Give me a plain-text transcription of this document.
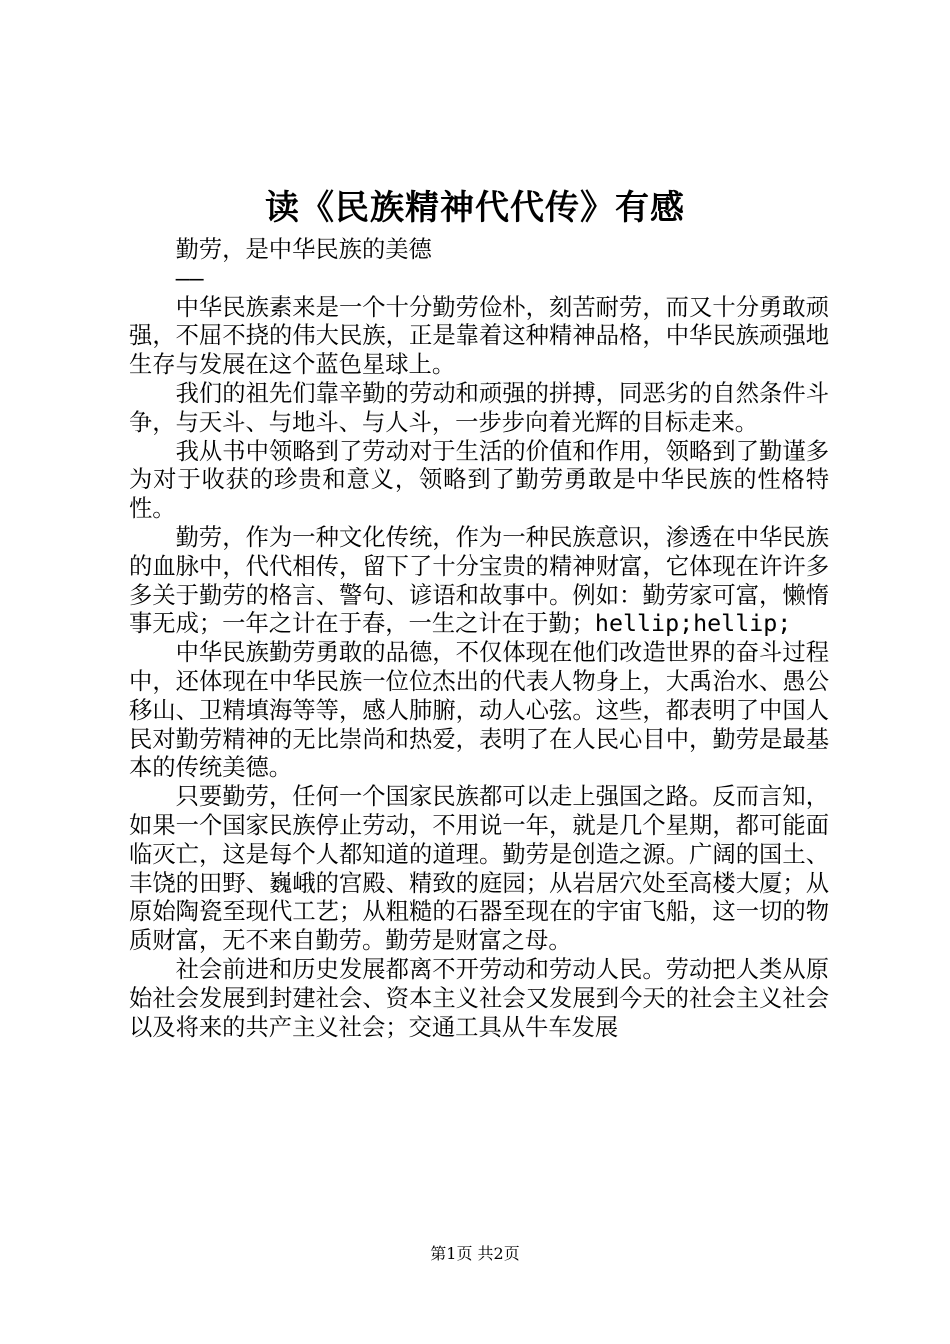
读《民族精神代代传》有感

勤劳，是中华民族的美德

——

中华民族素来是一个十分勤劳俭朴，刻苦耐劳，而又十分勇敢顽强，不屈不挠的伟大民族，正是靠着这种精神品格，中华民族顽强地生存与发展在这个蓝色星球上。

我们的祖先们靠辛勤的劳动和顽强的拼搏，同恶劣的自然条件斗争，与天斗、与地斗、与人斗，一步步向着光辉的目标走来。

我从书中领略到了劳动对于生活的价值和作用，领略到了勤谨多为对于收获的珍贵和意义，领略到了勤劳勇敢是中华民族的性格特性。

勤劳，作为一种文化传统，作为一种民族意识，渗透在中华民族的血脉中，代代相传，留下了十分宝贵的精神财富，它体现在许许多多关于勤劳的格言、警句、谚语和故事中。例如：勤劳家可富，懒惰事无成；一年之计在于春，一生之计在于勤；hellip;hellip;

中华民族勤劳勇敢的品德，不仅体现在他们改造世界的奋斗过程中，还体现在中华民族一位位杰出的代表人物身上，大禹治水、愚公移山、卫精填海等等，感人肺腑，动人心弦。这些，都表明了中国人民对勤劳精神的无比崇尚和热爱，表明了在人民心目中，勤劳是最基本的传统美德。

只要勤劳，任何一个国家民族都可以走上强国之路。反而言知，如果一个国家民族停止劳动，不用说一年，就是几个星期，都可能面临灭亡，这是每个人都知道的道理。勤劳是创造之源。广阔的国土、丰饶的田野、巍峨的宫殿、精致的庭园；从岩居穴处至高楼大厦；从原始陶瓷至现代工艺；从粗糙的石器至现在的宇宙飞船，这一切的物质财富，无不来自勤劳。勤劳是财富之母。

社会前进和历史发展都离不开劳动和劳动人民。劳动把人类从原始社会发展到封建社会、资本主义社会又发展到今天的社会主义社会以及将来的共产主义社会；交通工具从牛车发展

第1页 共2页
